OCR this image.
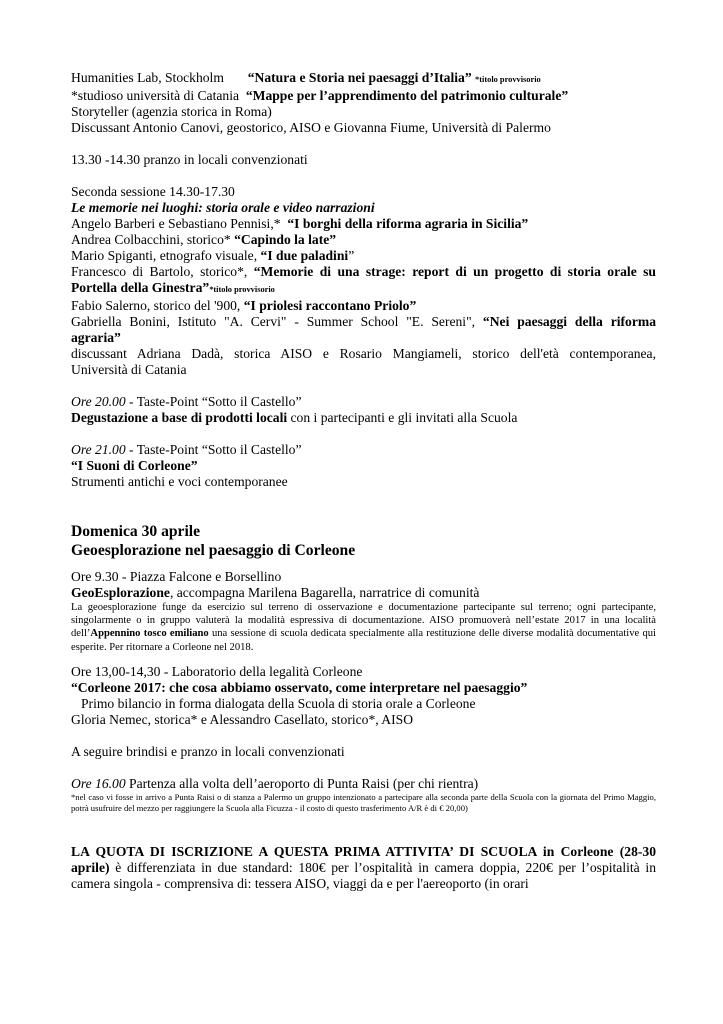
Humanities Lab, Stockholm “Natura e Storia nei paesaggi d’Italia” *titolo provvisorio
*studioso università di Catania “Mappe per l’apprendimento del patrimonio culturale”
Storyteller (agenzia storica in Roma)
Discussant Antonio Canovi, geostorico, AISO e Giovanna Fiume, Università di Palermo
13.30 -14.30 pranzo in locali convenzionati
Seconda sessione 14.30-17.30
Le memorie nei luoghi: storia orale e video narrazioni
Angelo Barberi e Sebastiano Pennisi,* “I borghi della riforma agraria in Sicilia”
Andrea Colbacchini, storico* “Capindo la late”
Mario Spiganti, etnografo visuale, “I due paladini”
Francesco di Bartolo, storico*, “Memorie di una strage: report di un progetto di storia orale su
Portella della Ginestra”*titolo provvisorio
Fabio Salerno, storico del '900, “I priolesi raccontano Priolo”
Gabriella Bonini, Istituto "A. Cervi" - Summer School "E. Sereni", “Nei paesaggi della riforma
agraria”
discussant Adriana Dadà, storica AISO e Rosario Mangiameli, storico dell'età contemporanea,
Università di Catania
Ore 20.00 - Taste-Point “Sotto il Castello”
Degustazione a base di prodotti locali con i partecipanti e gli invitati alla Scuola
Ore 21.00 - Taste-Point “Sotto il Castello”
“I Suoni di Corleone”
Strumenti antichi e voci contemporanee
Domenica 30 aprile
Geoesplorazione nel paesaggio di Corleone
Ore 9.30 - Piazza Falcone e Borsellino
GeoEsplorazione, accompagna Marilena Bagarella, narratrice di comunità
La geoesplorazione funge da esercizio sul terreno di osservazione e documentazione partecipante sul terreno; ogni partecipante, singolarmente o in gruppo valuterà la modalità espressiva di documentazione. AISO promuoverà nell’estate 2017 in una località dell’Appennino tosco emiliano una sessione di scuola dedicata specialmente alla restituzione delle diverse modalità documentative qui esperite. Per ritornare a Corleone nel 2018.
Ore 13,00-14,30 - Laboratorio della legalità Corleone
“Corleone 2017: che cosa abbiamo osservato, come interpretare nel paesaggio”
Primo bilancio in forma dialogata della Scuola di storia orale a Corleone
Gloria Nemec, storica* e Alessandro Casellato, storico*, AISO
A seguire brindisi e pranzo in locali convenzionati
Ore 16.00 Partenza alla volta dell’aeroporto di Punta Raisi (per chi rientra)
*nel caso vi fosse in arrivo a Punta Raisi o di stanza a Palermo un gruppo intenzionato a partecipare alla seconda parte della Scuola con la giornata del Primo Maggio, potrà usufruire del mezzo per raggiungere la Scuola alla Ficuzza - il costo di questo trasferimento A/R è di € 20,00)
LA QUOTA DI ISCRIZIONE A QUESTA PRIMA ATTIVITA’ DI SCUOLA in Corleone (28-30 aprile) è differenziata in due standard: 180€ per l’ospitalità in camera doppia, 220€ per l’ospitalità in camera singola - comprensiva di: tessera AISO, viaggi da e per l'aereoporto (in orari
